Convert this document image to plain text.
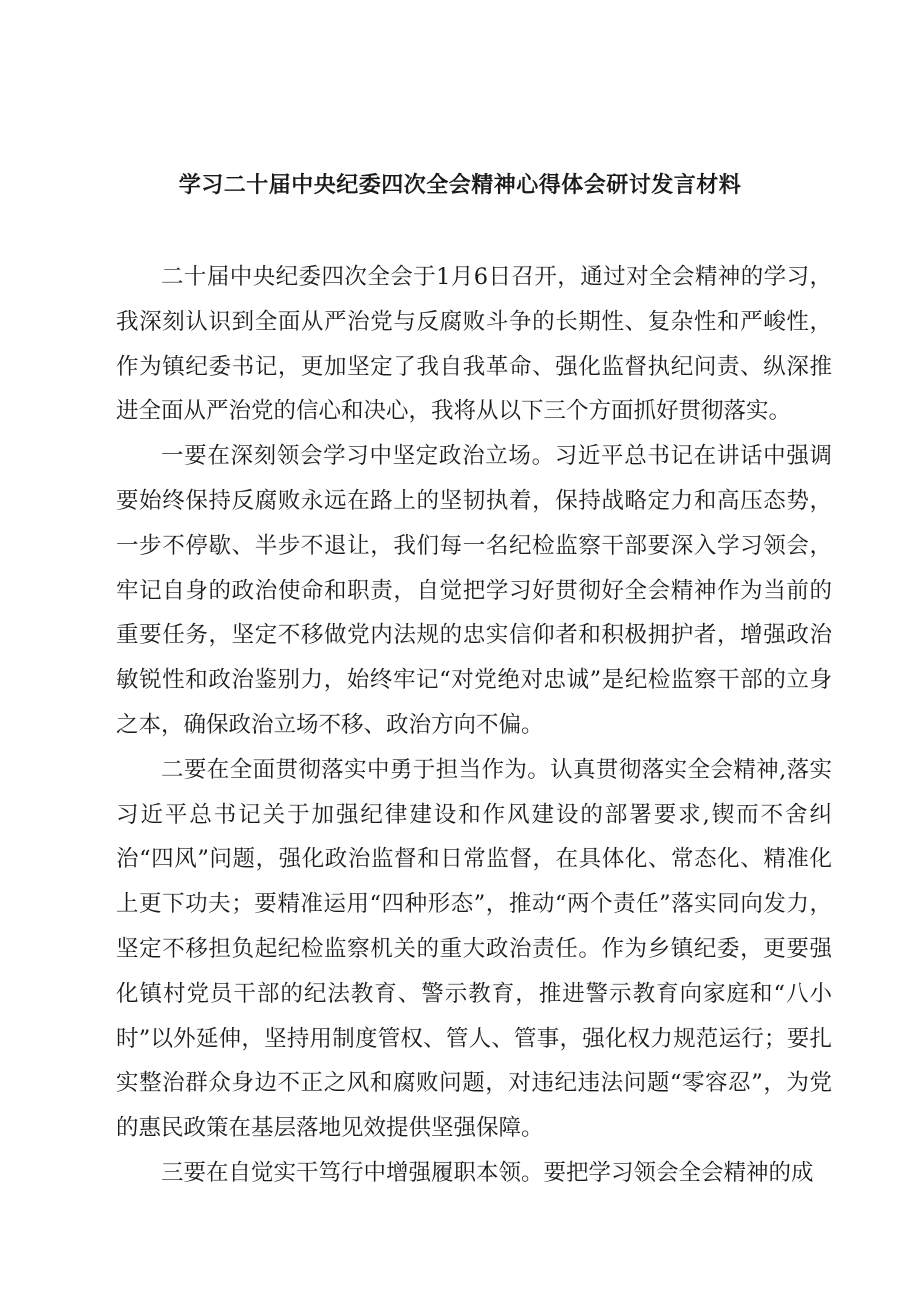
学习二十届中央纪委四次全会精神心得体会研讨发言材料

二十届中央纪委四次全会于1月6日召开，通过对全会精神的学习，我深刻认识到全面从严治党与反腐败斗争的长期性、复杂性和严峻性，作为镇纪委书记，更加坚定了我自我革命、强化监督执纪问责、纵深推进全面从严治党的信心和决心，我将从以下三个方面抓好贯彻落实。

一要在深刻领会学习中坚定政治立场。习近平总书记在讲话中强调要始终保持反腐败永远在路上的坚韧执着，保持战略定力和高压态势，一步不停歇、半步不退让，我们每一名纪检监察干部要深入学习领会，牢记自身的政治使命和职责，自觉把学习好贯彻好全会精神作为当前的重要任务，坚定不移做党内法规的忠实信仰者和积极拥护者，增强政治敏锐性和政治鉴别力，始终牢记“对党绝对忠诚”是纪检监察干部的立身之本，确保政治立场不移、政治方向不偏。

二要在全面贯彻落实中勇于担当作为。认真贯彻落实全会精神,落实习近平总书记关于加强纪律建设和作风建设的部署要求,锲而不舍纠治“四风”问题，强化政治监督和日常监督，在具体化、常态化、精准化上更下功夫；要精准运用“四种形态”，推动“两个责任”落实同向发力，坚定不移担负起纪检监察机关的重大政治责任。作为乡镇纪委，更要强化镇村党员干部的纪法教育、警示教育，推进警示教育向家庭和“八小时”以外延伸，坚持用制度管权、管人、管事，强化权力规范运行；要扎实整治群众身边不正之风和腐败问题，对违纪违法问题“零容忍”，为党的惠民政策在基层落地见效提供坚强保障。

三要在自觉实干笃行中增强履职本领。要把学习领会全会精神的成
